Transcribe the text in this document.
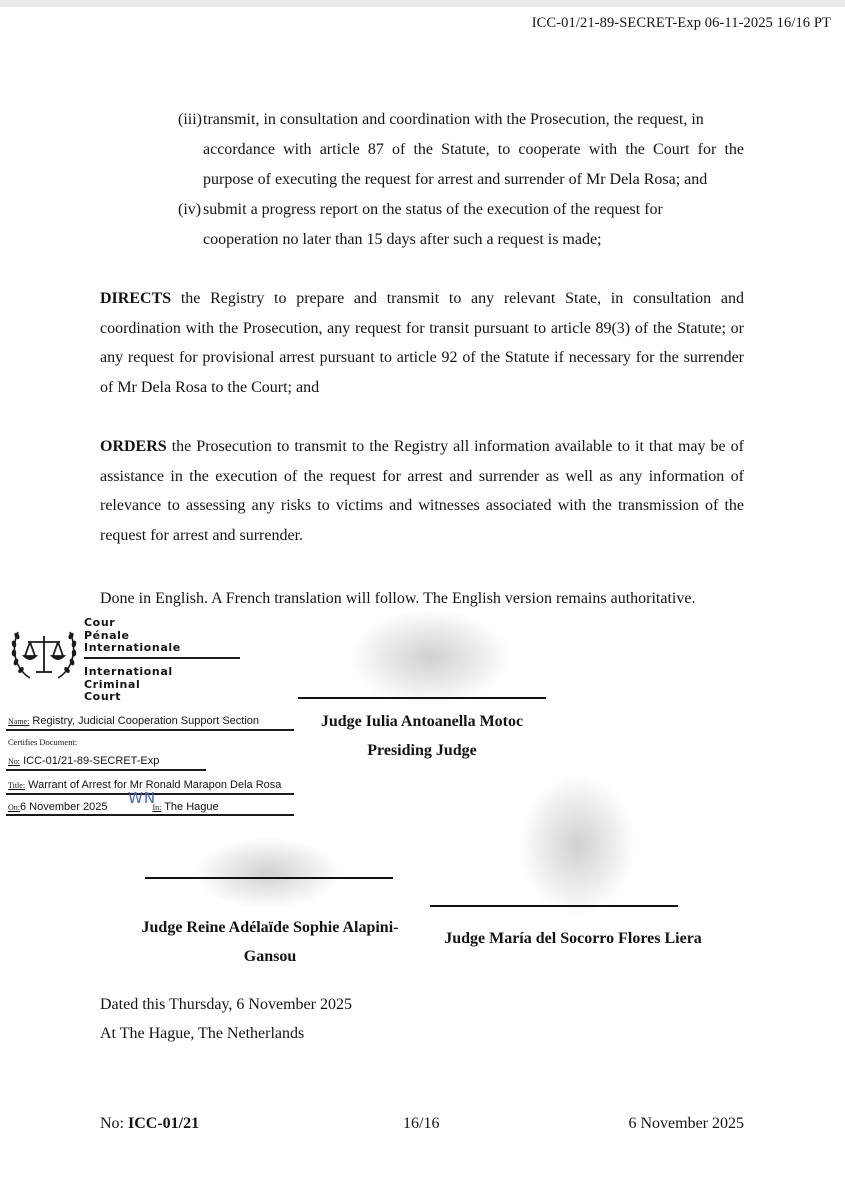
ICC-01/21-89-SECRET-Exp 06-11-2025 16/16 PT
(iii)transmit, in consultation and coordination with the Prosecution, the request, in
accordance with article 87 of the Statute, to cooperate with the Court for the purpose of executing the request for arrest and surrender of Mr Dela Rosa; and
(iv) submit a progress report on the status of the execution of the request for
cooperation no later than 15 days after such a request is made;
DIRECTS the Registry to prepare and transmit to any relevant State, in consultation and coordination with the Prosecution, any request for transit pursuant to article 89(3) of the Statute; or any request for provisional arrest pursuant to article 92 of the Statute if necessary for the surrender of Mr Dela Rosa to the Court; and
ORDERS the Prosecution to transmit to the Registry all information available to it that may be of assistance in the execution of the request for arrest and surrender as well as any information of relevance to assessing any risks to victims and witnesses associated with the transmission of the request for arrest and surrender.
Done in English. A French translation will follow. The English version remains authoritative.
Cour
Pénale
Internationale
International
Criminal
Court
Name: Registry, Judicial Cooperation Support Section
Certifies Document:
No: ICC-01/21-89-SECRET-Exp
Title: Warrant of Arrest for Mr Ronald Marapon Dela Rosa
On:6 November 2025	In: The Hague
WN
Judge Iulia Antoanella Motoc
Presiding Judge
Judge Reine Adélaïde Sophie Alapini-
Gansou
Judge María del Socorro Flores Liera
Dated this Thursday, 6 November 2025
At The Hague, The Netherlands
No: ICC-01/21	16/16	6 November 2025
